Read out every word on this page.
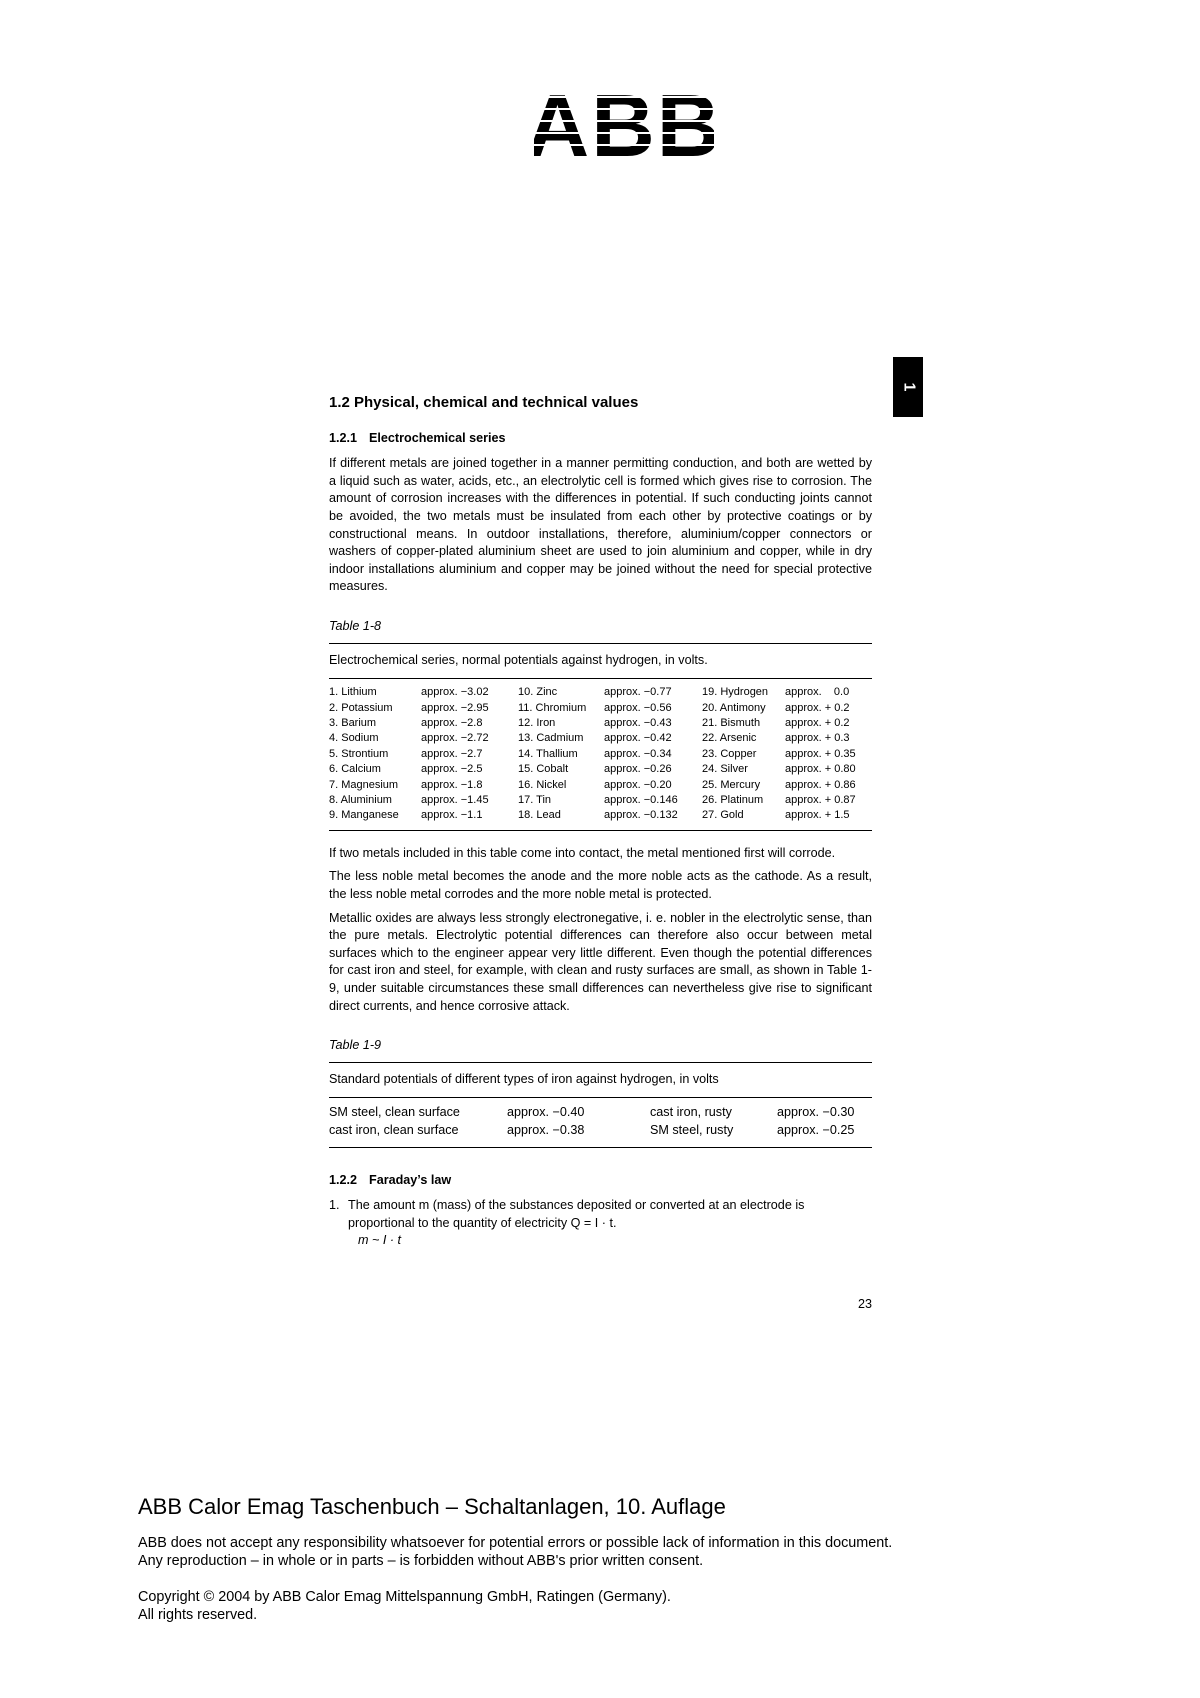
ABB
1
1.2 Physical, chemical and technical values
1.2.1 Electrochemical series

If different metals are joined together in a manner permitting conduction, and both are wetted by a liquid such as water, acids, etc., an electrolytic cell is formed which gives rise to corrosion. The amount of corrosion increases with the differences in potential. If such conducting joints cannot be avoided, the two metals must be insulated from each other by protective coatings or by constructional means. In outdoor installations, therefore, aluminium/copper connectors or washers of copper-plated aluminium sheet are used to join aluminium and copper, while in dry indoor installations aluminium and copper may be joined without the need for special protective measures.

Table 1-8
Electrochemical series, normal potentials against hydrogen, in volts.
1. Lithium	approx. −3.02	10. Zinc	approx. −0.77	19. Hydrogen	approx.    0.0
2. Potassium	approx. −2.95	11. Chromium	approx. −0.56	20. Antimony	approx. + 0.2
3. Barium	approx. −2.8	12. Iron	approx. −0.43	21. Bismuth	approx. + 0.2
4. Sodium	approx. −2.72	13. Cadmium	approx. −0.42	22. Arsenic	approx. + 0.3
5. Strontium	approx. −2.7	14. Thallium	approx. −0.34	23. Copper	approx. + 0.35
6. Calcium	approx. −2.5	15. Cobalt	approx. −0.26	24. Silver	approx. + 0.80
7. Magnesium	approx. −1.8	16. Nickel	approx. −0.20	25. Mercury	approx. + 0.86
8. Aluminium	approx. −1.45	17. Tin	approx. −0.146	26. Platinum	approx. + 0.87
9. Manganese	approx. −1.1	18. Lead	approx. −0.132	27. Gold	approx. + 1.5

If two metals included in this table come into contact, the metal mentioned first will corrode.

The less noble metal becomes the anode and the more noble acts as the cathode. As a result, the less noble metal corrodes and the more noble metal is protected.

Metallic oxides are always less strongly electronegative, i. e. nobler in the electrolytic sense, than the pure metals. Electrolytic potential differences can therefore also occur between metal surfaces which to the engineer appear very little different. Even though the potential differences for cast iron and steel, for example, with clean and rusty surfaces are small, as shown in Table 1-9, under suitable circumstances these small differences can nevertheless give rise to significant direct currents, and hence corrosive attack.

Table 1-9
Standard potentials of different types of iron against hydrogen, in volts
SM steel, clean surface	approx. −0.40	cast iron, rusty	approx. −0.30
cast iron, clean surface	approx. −0.38	SM steel, rusty	approx. −0.25
1.2.2 Faraday’s law
1. The amount m (mass) of the substances deposited or converted at an electrode is proportional to the quantity of electricity Q = I · t.
m ~ I · t
23
ABB Calor Emag Taschenbuch – Schaltanlagen, 10. Auflage
ABB does not accept any responsibility whatsoever for potential errors or possible lack of information in this document.
Any reproduction – in whole or in parts – is forbidden without ABB's prior written consent.
Copyright © 2004 by ABB Calor Emag Mittelspannung GmbH, Ratingen (Germany).
All rights reserved.
